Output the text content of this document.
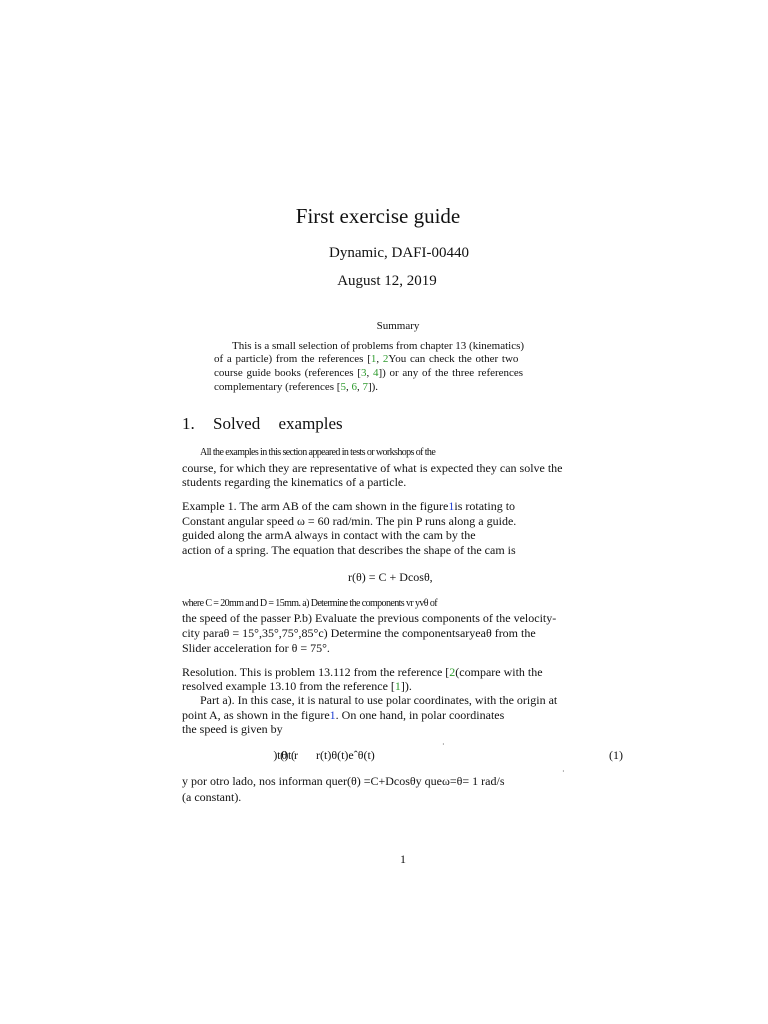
First exercise guide
Dynamic, DAFI-00440
August 12, 2019
Summary
This is a small selection of problems from chapter 13 (kinematics)
of a particle) from the references [1, 2You can check the other two
course guide books (references [3, 4]) or any of the three references
complementary (references [5, 6, 7]).
1. Solved examples
All the examples in this section appeared in tests or workshops of the
course, for which they are representative of what is expected they can solve the
students regarding the kinematics of a particle.
Example 1. The arm AB of the cam shown in the figure1is rotating to
Constant angular speed ω = 60 rad/min. The pin P runs along a guide.
guided along the armA always in contact with the cam by the
action of a spring. The equation that describes the shape of the cam is
r(θ) = C + Dcosθ,
where C = 20mm and D = 15mm. a) Determine the components vr yvθ of
the speed of the passer P.b) Evaluate the previous components of the velocity-
city paraθ = 15°,35°,75°,85°c) Determine the componentsaryeaθ from the
Slider acceleration for θ = 75°.
Resolution. This is problem 13.112 from the reference [2(compare with the
resolved example 13.10 from the reference [1]).
Part a). In this case, it is natural to use polar coordinates, with the origin at
point A, as shown in the figure1. On one hand, in polar coordinates
the speed is given by
r(t)θ(t)eˆθ(t)	(1)
·
y por otro lado, nos informan quer(θ) =C+Dcosθy queω=θ= 1 rad/s
·
(a constant).
1
